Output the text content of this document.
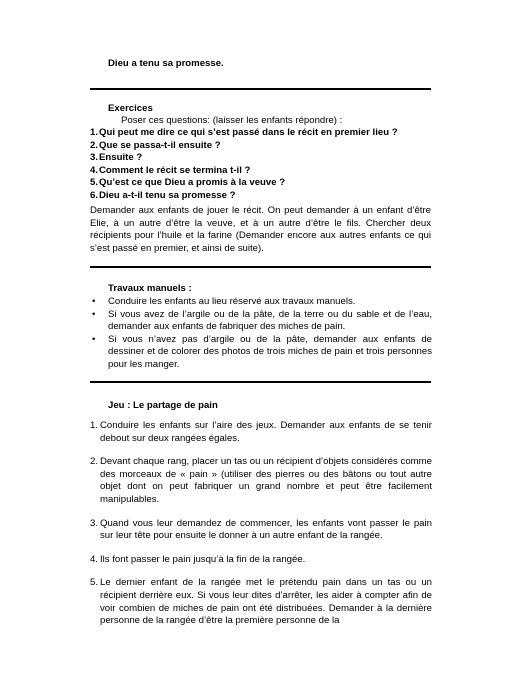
Dieu a tenu sa promesse.
Exercices
Poser ces questions: (laisser les enfants répondre) :
1. Qui peut me dire ce qui s’est passé dans le récit en premier lieu ?
2. Que se passa-t-il ensuite ?
3. Ensuite ?
4. Comment le récit se termina t-il ?
5. Qu’est ce que Dieu a promis à la veuve ?
6. Dieu a-t-il tenu sa promesse ?
Demander aux enfants de jouer le récit. On peut demander à un enfant d’être Elie, à un autre d’être la veuve, et à un autre d’être le fils. Chercher deux récipients pour l’huile et la farine (Demander encore aux autres enfants ce qui s’est passé en premier, et ainsi de suite).
Travaux manuels :
• Conduire les enfants au lieu réservé aux travaux manuels.
• Si vous avez de l’argile ou de la pâte, de la terre ou du sable et de l’eau, demander aux enfants de fabriquer des miches de pain.
• Si vous n’avez pas d’argile ou de la pâte, demander aux enfants de dessiner et de colorer des photos de trois miches de pain et trois personnes pour les manger.
Jeu : Le partage de pain
1. Conduire les enfants sur l’aire des jeux. Demander aux enfants de se tenir debout sur deux rangées égales.
2. Devant chaque rang, placer un tas ou un récipient d’objets considérés comme des morceaux de « pain » (utiliser des pierres ou des bâtons ou tout autre objet dont on peut fabriquer un grand nombre et peut être facilement manipulables.
3. Quand vous leur demandez de commencer, les enfants vont passer le pain sur leur tête pour ensuite le donner à un autre enfant de la rangée.
4. Ils font passer le pain jusqu’à la fin de la rangée.
5. Le dernier enfant de la rangée met le prétendu pain dans un tas ou un récipient derrière eux. Si vous leur dites d’arrêter, les aider à compter afin de voir combien de miches de pain ont été distribuées. Demander à la dernière personne de la rangée d’être la première personne de la
